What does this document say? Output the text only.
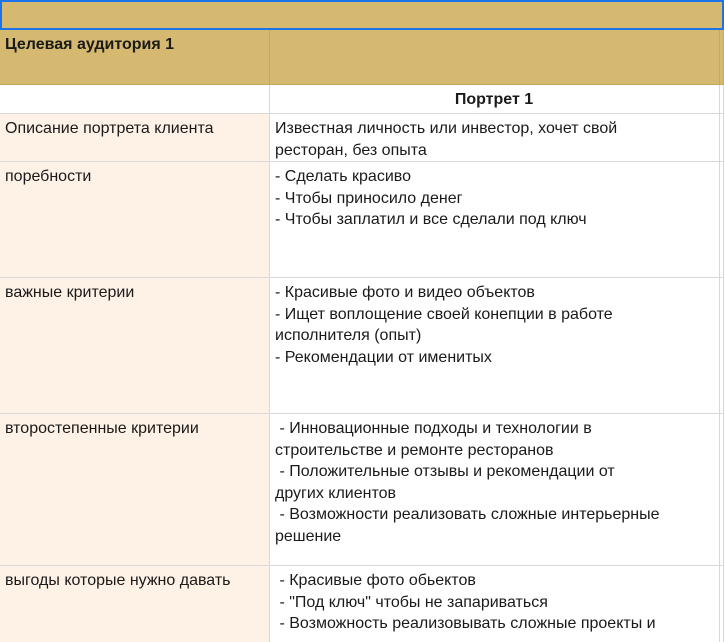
Целевая аудитория 1
Портрет 1
Описание портрета клиента	Известная личность или инвестор, хочет свой
ресторан, без опыта
поребности	- Сделать красиво
- Чтобы приносило денег
- Чтобы заплатил и все сделали под ключ
важные критерии	- Красивые фото и видео объектов
- Ищет воплощение своей конепции в работе
исполнителя (опыт)
- Рекомендации от именитых
второстепенные критерии	- Инновационные подходы и технологии в
строительстве и ремонте ресторанов
- Положительные отзывы и рекомендации от
других клиентов
- Возможности реализовать сложные интерьерные
решение
выгоды которые нужно давать	- Красивые фото обьектов
- "Под ключ" чтобы не запариваться
- Возможность реализовывать сложные проекты и
